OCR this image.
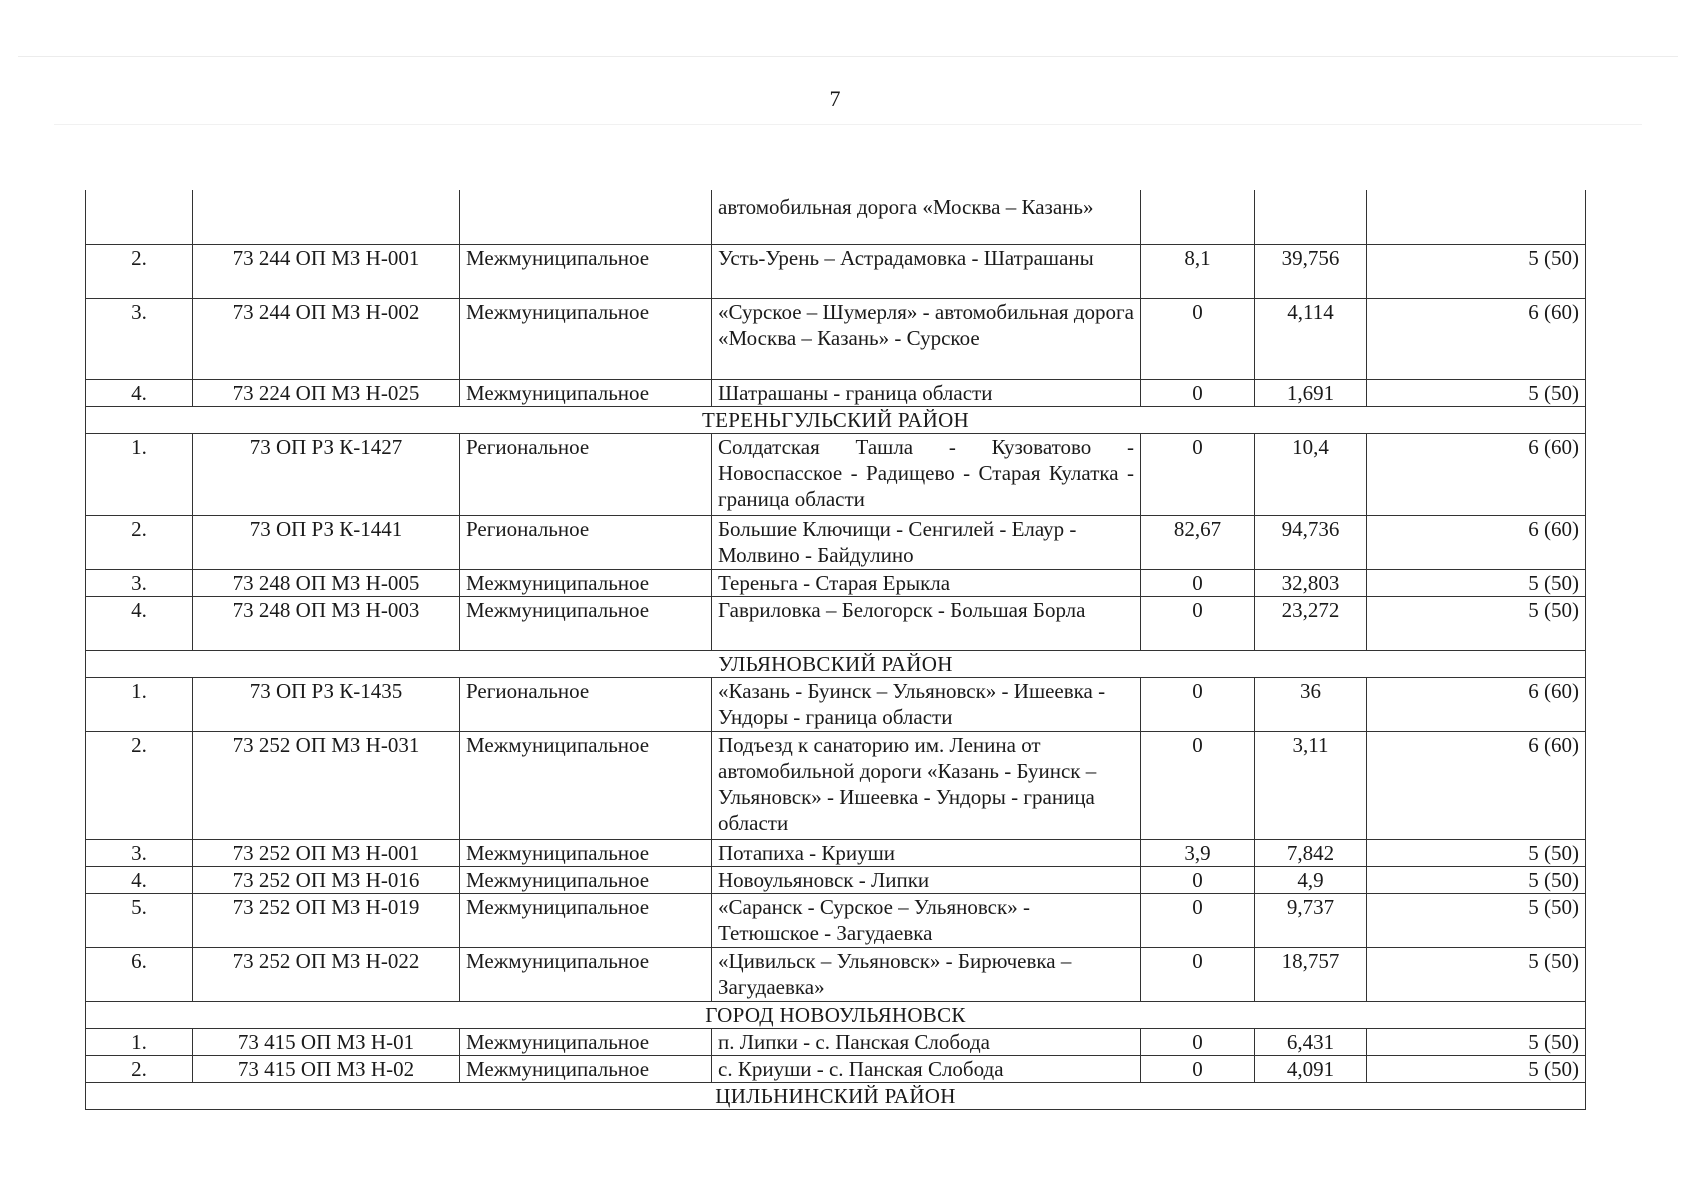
7
			автомобильная дорога «Москва – Казань»			
2.	73 244 ОП МЗ Н-001	Межмуниципальное	Усть-Урень – Астрадамовка - Шатрашаны	8,1	39,756	5 (50)
3.	73 244 ОП МЗ Н-002	Межмуниципальное	«Сурское – Шумерля» - автомобильная дорога «Москва – Казань» - Сурское	0	4,114	6 (60)
4.	73 224 ОП МЗ Н-025	Межмуниципальное	Шатрашаны - граница области	0	1,691	5 (50)
ТЕРЕНЬГУЛЬСКИЙ РАЙОН						
1.	73 ОП РЗ К-1427	Региональное	Солдатская Ташла - Кузоватово - Новоспасское - Радищево - Старая Кулатка - граница области	0	10,4	6 (60)
2.	73 ОП РЗ К-1441	Региональное	Большие Ключищи - Сенгилей - Елаур - Молвино - Байдулино	82,67	94,736	6 (60)
3.	73 248 ОП МЗ Н-005	Межмуниципальное	Тереньга - Старая Ерыкла	0	32,803	5 (50)
4.	73 248 ОП МЗ Н-003	Межмуниципальное	Гавриловка – Белогорск - Большая Борла	0	23,272	5 (50)
УЛЬЯНОВСКИЙ РАЙОН						
1.	73 ОП РЗ К-1435	Региональное	«Казань - Буинск – Ульяновск» - Ишеевка - Ундоры - граница области	0	36	6 (60)
2.	73 252 ОП МЗ Н-031	Межмуниципальное	Подъезд к санаторию им. Ленина от автомобильной дороги «Казань - Буинск – Ульяновск» - Ишеевка - Ундоры - граница области	0	3,11	6 (60)
3.	73 252 ОП МЗ Н-001	Межмуниципальное	Потапиха - Криуши	3,9	7,842	5 (50)
4.	73 252 ОП МЗ Н-016	Межмуниципальное	Новоульяновск - Липки	0	4,9	5 (50)
5.	73 252 ОП МЗ Н-019	Межмуниципальное	«Саранск - Сурское – Ульяновск» - Тетюшское - Загудаевка	0	9,737	5 (50)
6.	73 252 ОП МЗ Н-022	Межмуниципальное	«Цивильск – Ульяновск» - Бирючевка – Загудаевка»	0	18,757	5 (50)
ГОРОД НОВОУЛЬЯНОВСК						
1.	73 415 ОП МЗ Н-01	Межмуниципальное	п. Липки - с. Панская Слобода	0	6,431	5 (50)
2.	73 415 ОП МЗ Н-02	Межмуниципальное	с. Криуши - с. Панская Слобода	0	4,091	5 (50)
ЦИЛЬНИНСКИЙ РАЙОН						
